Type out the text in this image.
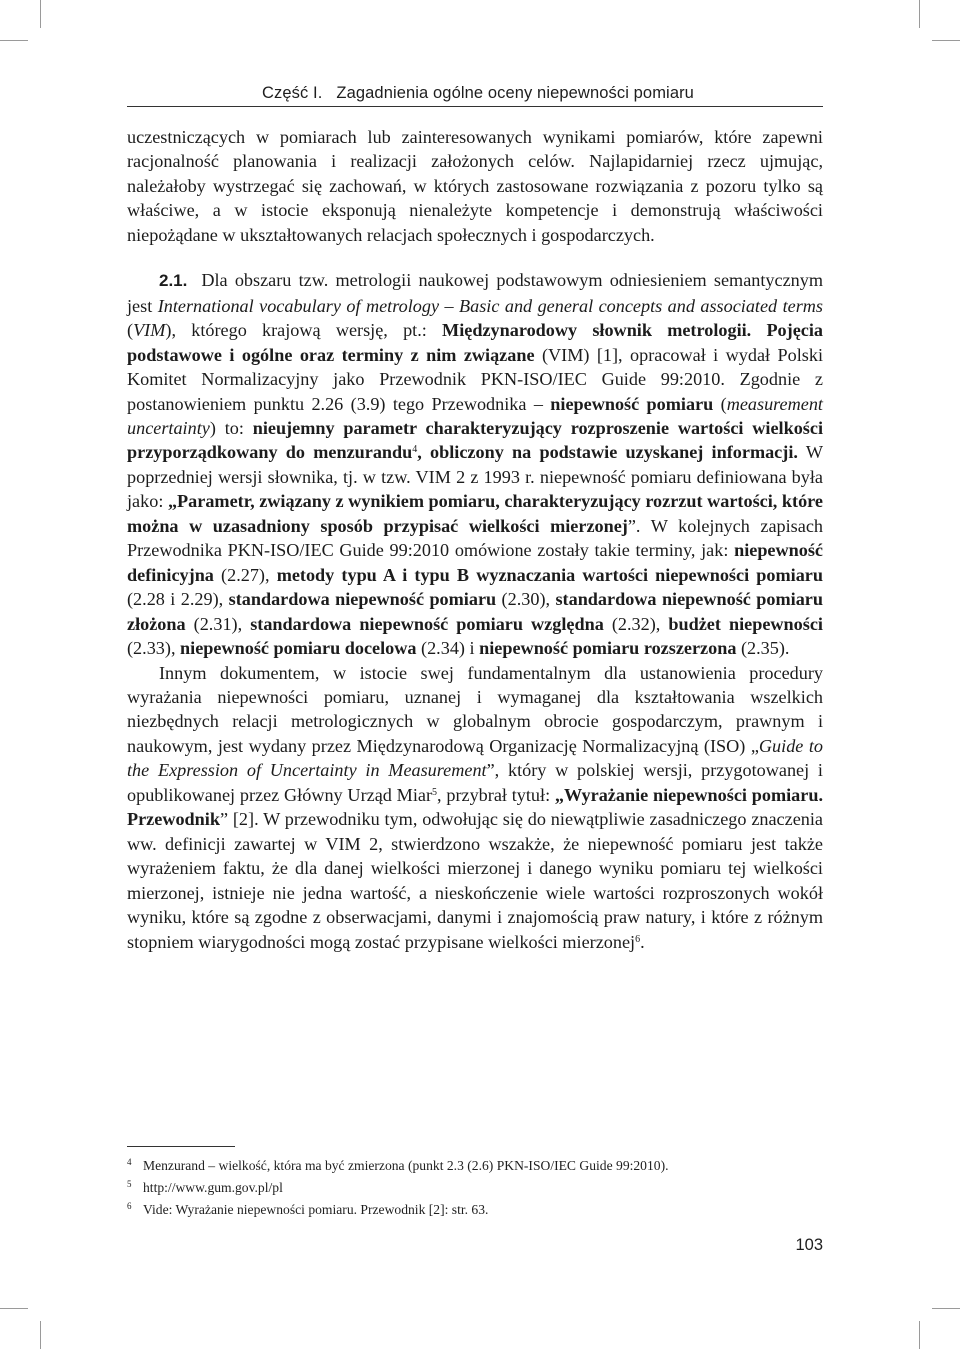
Część I. Zagadnienia ogólne oceny niepewności pomiaru

uczestniczących w pomiarach lub zainteresowanych wynikami pomiarów, które zapewni racjonalność planowania i realizacji założonych celów. Najlapidarniej rzecz ujmując, należałoby wystrzegać się zachowań, w których zastosowane rozwiązania z pozoru tylko są właściwe, a w istocie eksponują nienależyte kompetencje i demonstrują właściwości niepożądane w ukształtowanych relacjach społecznych i gospodarczych.

2.1. Dla obszaru tzw. metrologii naukowej podstawowym odniesieniem semantycznym jest International vocabulary of metrology – Basic and general concepts and associated terms (VIM), którego krajową wersję, pt.: Międzynarodowy słownik metrologii. Pojęcia podstawowe i ogólne oraz terminy z nim związane (VIM) [1], opracował i wydał Polski Komitet Normalizacyjny jako Przewodnik PKN-ISO/IEC Guide 99:2010. Zgodnie z postanowieniem punktu 2.26 (3.9) tego Przewodnika – niepewność pomiaru (measurement uncertainty) to: nieujemny parametr charakteryzujący rozproszenie wartości wielkości przyporządkowany do menzurandu$^4$, obliczony na podstawie uzyskanej informacji. W poprzedniej wersji słownika, tj. w tzw. VIM 2 z 1993 r. niepewność pomiaru definiowana była jako: „Parametr, związany z wynikiem pomiaru, charakteryzujący rozrzut wartości, które można w uzasadniony sposób przypisać wielkości mierzonej”. W kolejnych zapisach Przewodnika PKN-ISO/IEC Guide 99:2010 omówione zostały takie terminy, jak: niepewność definicyjna (2.27), metody typu A i typu B wyznaczania wartości niepewności pomiaru (2.28 i 2.29), standardowa niepewność pomiaru (2.30), standardowa niepewność pomiaru złożona (2.31), standardowa niepewność pomiaru względna (2.32), budżet niepewności (2.33), niepewność pomiaru docelowa (2.34) i niepewność pomiaru rozszerzona (2.35).

Innym dokumentem, w istocie swej fundamentalnym dla ustanowienia procedury wyrażania niepewności pomiaru, uznanej i wymaganej dla kształtowania wszelkich niezbędnych relacji metrologicznych w globalnym obrocie gospodarczym, prawnym i naukowym, jest wydany przez Międzynarodową Organizację Normalizacyjną (ISO) „Guide to the Expression of Uncertainty in Measurement”, który w polskiej wersji, przygotowanej i opublikowanej przez Główny Urząd Miar$^5$, przybrał tytuł: „Wyrażanie niepewności pomiaru. Przewodnik” [2]. W przewodniku tym, odwołując się do niewątpliwie zasadniczego znaczenia ww. definicji zawartej w VIM 2, stwierdzono wszakże, że niepewność pomiaru jest także wyrażeniem faktu, że dla danej wielkości mierzonej i danego wyniku pomiaru tej wielkości mierzonej, istnieje nie jedna wartość, a nieskończenie wiele wartości rozproszonych wokół wyniku, które są zgodne z obserwacjami, danymi i znajomością praw natury, i które z różnym stopniem wiarygodności mogą zostać przypisane wielkości mierzonej$^6$.

4 Menzurand – wielkość, która ma być zmierzona (punkt 2.3 (2.6) PKN-ISO/IEC Guide 99:2010).
5 http://www.gum.gov.pl/pl
6 Vide: Wyrażanie niepewności pomiaru. Przewodnik [2]: str. 63.
103
